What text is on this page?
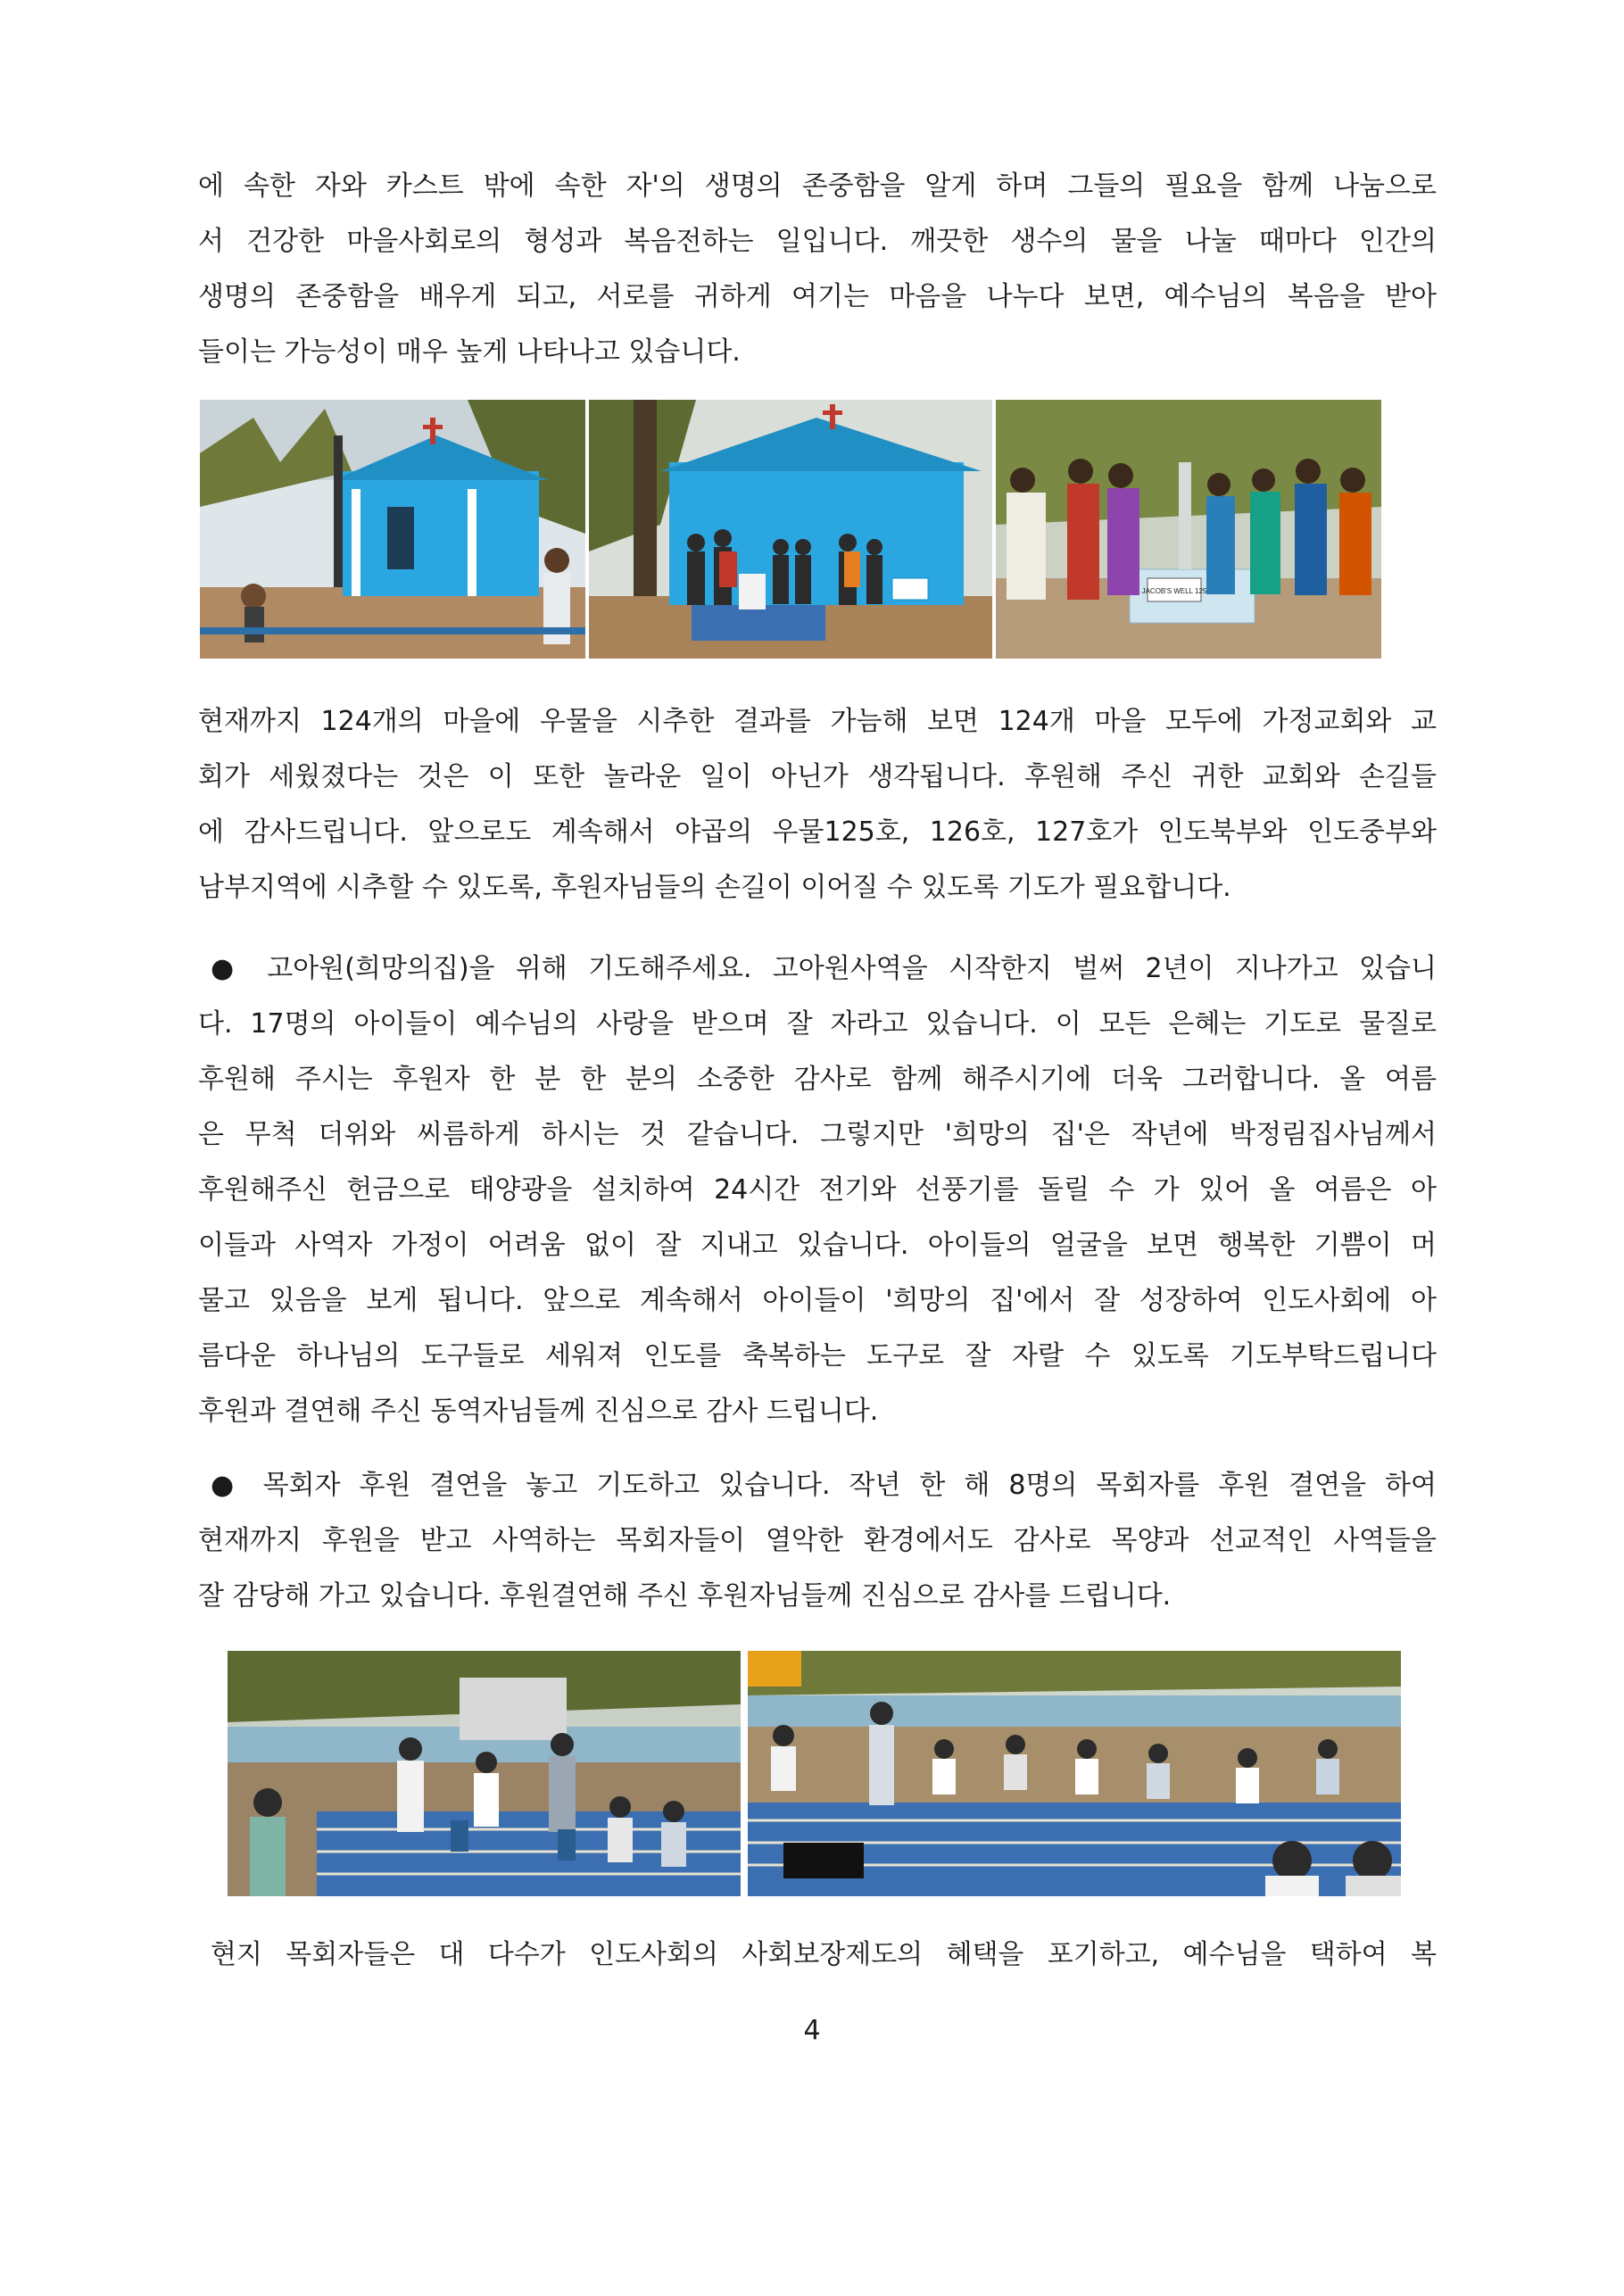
에 속한 자와 카스트 밖에 속한 자'의 생명의 존중함을 알게 하며 그들의 필요을 함께 나눔으로
서 건강한 마을사회로의 형성과 복음전하는 일입니다. 깨끗한 생수의 물을 나눌 때마다 인간의
생명의 존중함을 배우게 되고, 서로를 귀하게 여기는 마음을 나누다 보면, 예수님의 복음을 받아
들이는 가능성이 매우 높게 나타나고 있습니다.
JACOB'S WELL 125
현재까지 124개의 마을에 우물을 시추한 결과를 가늠해 보면 124개 마을 모두에 가정교회와 교
회가 세웠졌다는 것은 이 또한 놀라운 일이 아닌가 생각됩니다. 후원해 주신 귀한 교회와 손길들
에 감사드립니다. 앞으로도 계속해서 야곱의 우물125호, 126호, 127호가 인도북부와 인도중부와
남부지역에 시추할 수 있도록, 후원자님들의 손길이 이어질 수 있도록 기도가 필요합니다.
● 고아원(희망의집)을 위해 기도해주세요. 고아원사역을 시작한지 벌써 2년이 지나가고 있습니
다. 17명의 아이들이 예수님의 사랑을 받으며 잘 자라고 있습니다. 이 모든 은혜는 기도로 물질로
후원해 주시는 후원자 한 분 한 분의 소중한 감사로 함께 해주시기에 더욱 그러합니다. 올 여름
은 무척 더위와 씨름하게 하시는 것 같습니다. 그렇지만 '희망의 집'은 작년에 박정림집사님께서
후원해주신 헌금으로 태양광을 설치하여 24시간 전기와 선풍기를 돌릴 수 가 있어 올 여름은 아
이들과 사역자 가정이 어려움 없이 잘 지내고 있습니다. 아이들의 얼굴을 보면 행복한 기쁨이 머
물고 있음을 보게 됩니다. 앞으로 계속해서 아이들이 '희망의 집'에서 잘 성장하여 인도사회에 아
름다운 하나님의 도구들로 세워져 인도를 축복하는 도구로 잘 자랄 수 있도록 기도부탁드립니다
후원과 결연해 주신 동역자님들께 진심으로 감사 드립니다.
● 목회자 후원 결연을 놓고 기도하고 있습니다. 작년 한 해 8명의 목회자를 후원 결연을 하여
현재까지 후원을 받고 사역하는 목회자들이 열악한 환경에서도 감사로 목양과 선교적인 사역들을
잘 감당해 가고 있습니다. 후원결연해 주신 후원자님들께 진심으로 감사를 드립니다.
현지 목회자들은 대 다수가 인도사회의 사회보장제도의 혜택을 포기하고, 예수님을 택하여 복
4
